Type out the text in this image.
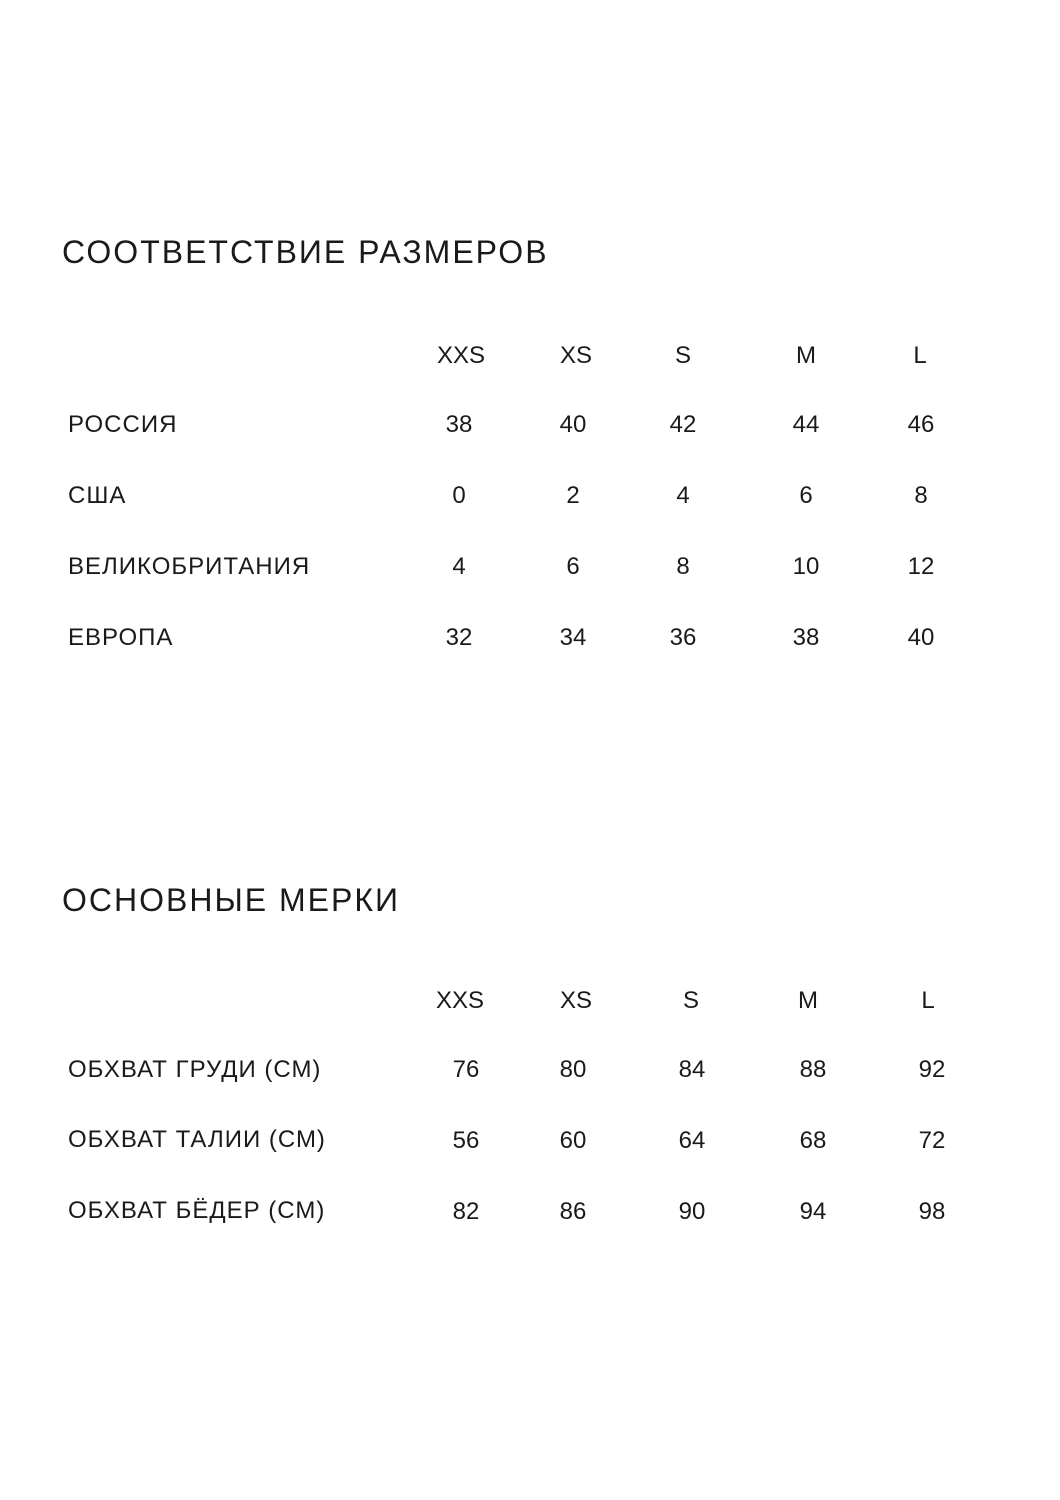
СООТВЕТСТВИЕ РАЗМЕРОВ
XXS	XS	S	M	L
РОССИЯ	38	40	42	44	46
США	0	2	4	6	8
ВЕЛИКОБРИТАНИЯ	4	6	8	10	12
ЕВРОПА	32	34	36	38	40
ОСНОВНЫЕ МЕРКИ
XXS	XS	S	M	L
ОБХВАТ ГРУДИ (СМ)	76	80	84	88	92
ОБХВАТ ТАЛИИ (СМ)	56	60	64	68	72
ОБХВАТ БЁДЕР (СМ)	82	86	90	94	98
